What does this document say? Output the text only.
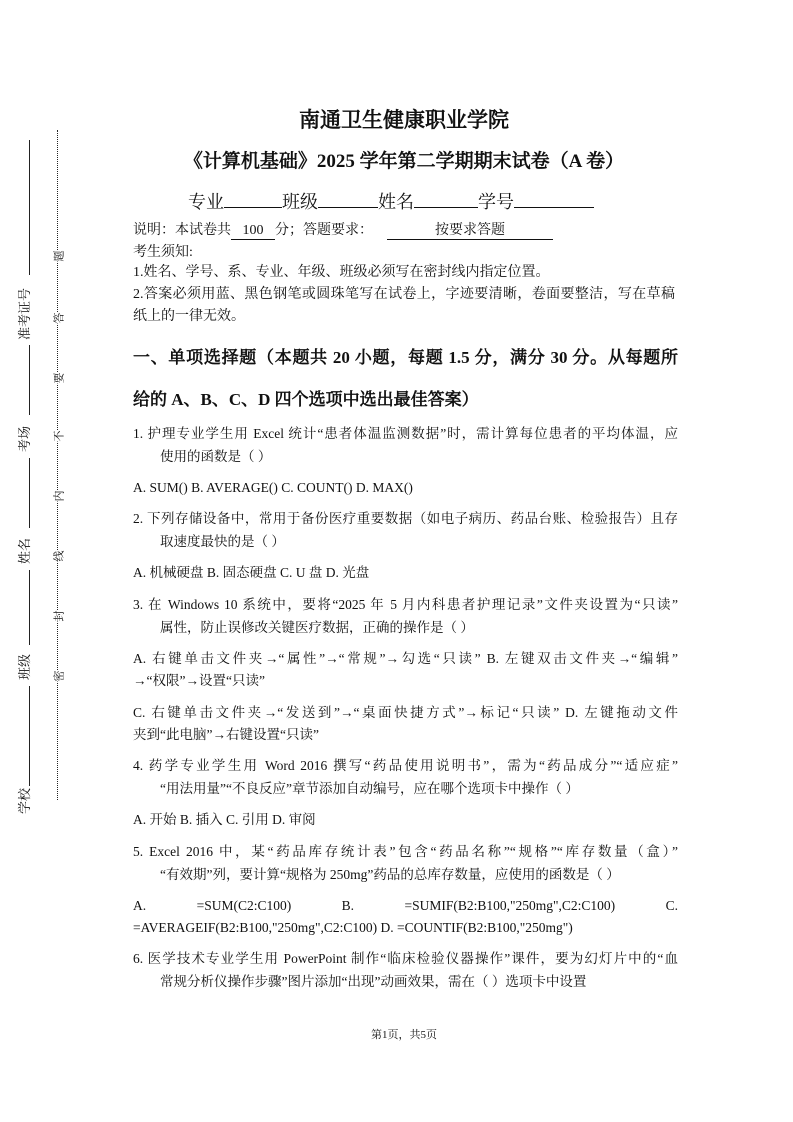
准考证号
考场
姓名
班级
学校
题
答
要
不
内
线
封
密
南通卫生健康职业学院
《计算机基础》2025 学年第二学期期末试卷（A 卷）
专业	班级	姓名	学号
说明：本试卷共 100 分；答题要求：	按要求答题
考生须知:
1.姓名、学号、系、专业、年级、班级必须写在密封线内指定位置。
2.答案必须用蓝、黑色钢笔或圆珠笔写在试卷上，字迹要清晰，卷面要整洁，写在草稿纸上的一律无效。
一、单项选择题（本题共 20 小题，每题 1.5 分，满分 30 分。从每题所
给的 A、B、C、D 四个选项中选出最佳答案）
1. 护理专业学生用 Excel 统计“患者体温监测数据”时，需计算每位患者的平均体温，应
使用的函数是（ ）
A. SUM() B. AVERAGE() C. COUNT() D. MAX()
2. 下列存储设备中，常用于备份医疗重要数据（如电子病历、药品台账、检验报告）且存
取速度最快的是（ ）
A. 机械硬盘 B. 固态硬盘 C. U 盘 D. 光盘
3. 在 Windows 10 系统中，要将“2025 年 5 月内科患者护理记录”文件夹设置为“只读”
属性，防止误修改关键医疗数据，正确的操作是（ ）
A. 右键单击文件夹→“属性”→“常规”→勾选“只读” B. 左键双击文件夹→“编辑”
→“权限”→设置“只读”
C. 右键单击文件夹→“发送到”→“桌面快捷方式”→标记“只读” D. 左键拖动文件
夹到“此电脑”→右键设置“只读”
4. 药学专业学生用 Word 2016 撰写“药品使用说明书”，需为“药品成分”“适应症”
“用法用量”“不良反应”章节添加自动编号，应在哪个选项卡中操作（ ）
A. 开始 B. 插入 C. 引用 D. 审阅
5. Excel 2016 中，某“药品库存统计表”包含“药品名称”“规格”“库存数量（盒）”
“有效期”列，要计算“规格为 250mg”药品的总库存数量，应使用的函数是（ ）
A. =SUM(C2:C100) B. =SUMIF(B2:B100,"250mg",C2:C100) C.
=AVERAGEIF(B2:B100,"250mg",C2:C100) D. =COUNTIF(B2:B100,"250mg")
6. 医学技术专业学生用 PowerPoint 制作“临床检验仪器操作”课件，要为幻灯片中的“血
常规分析仪操作步骤”图片添加“出现”动画效果，需在（ ）选项卡中设置
第1页，共5页
